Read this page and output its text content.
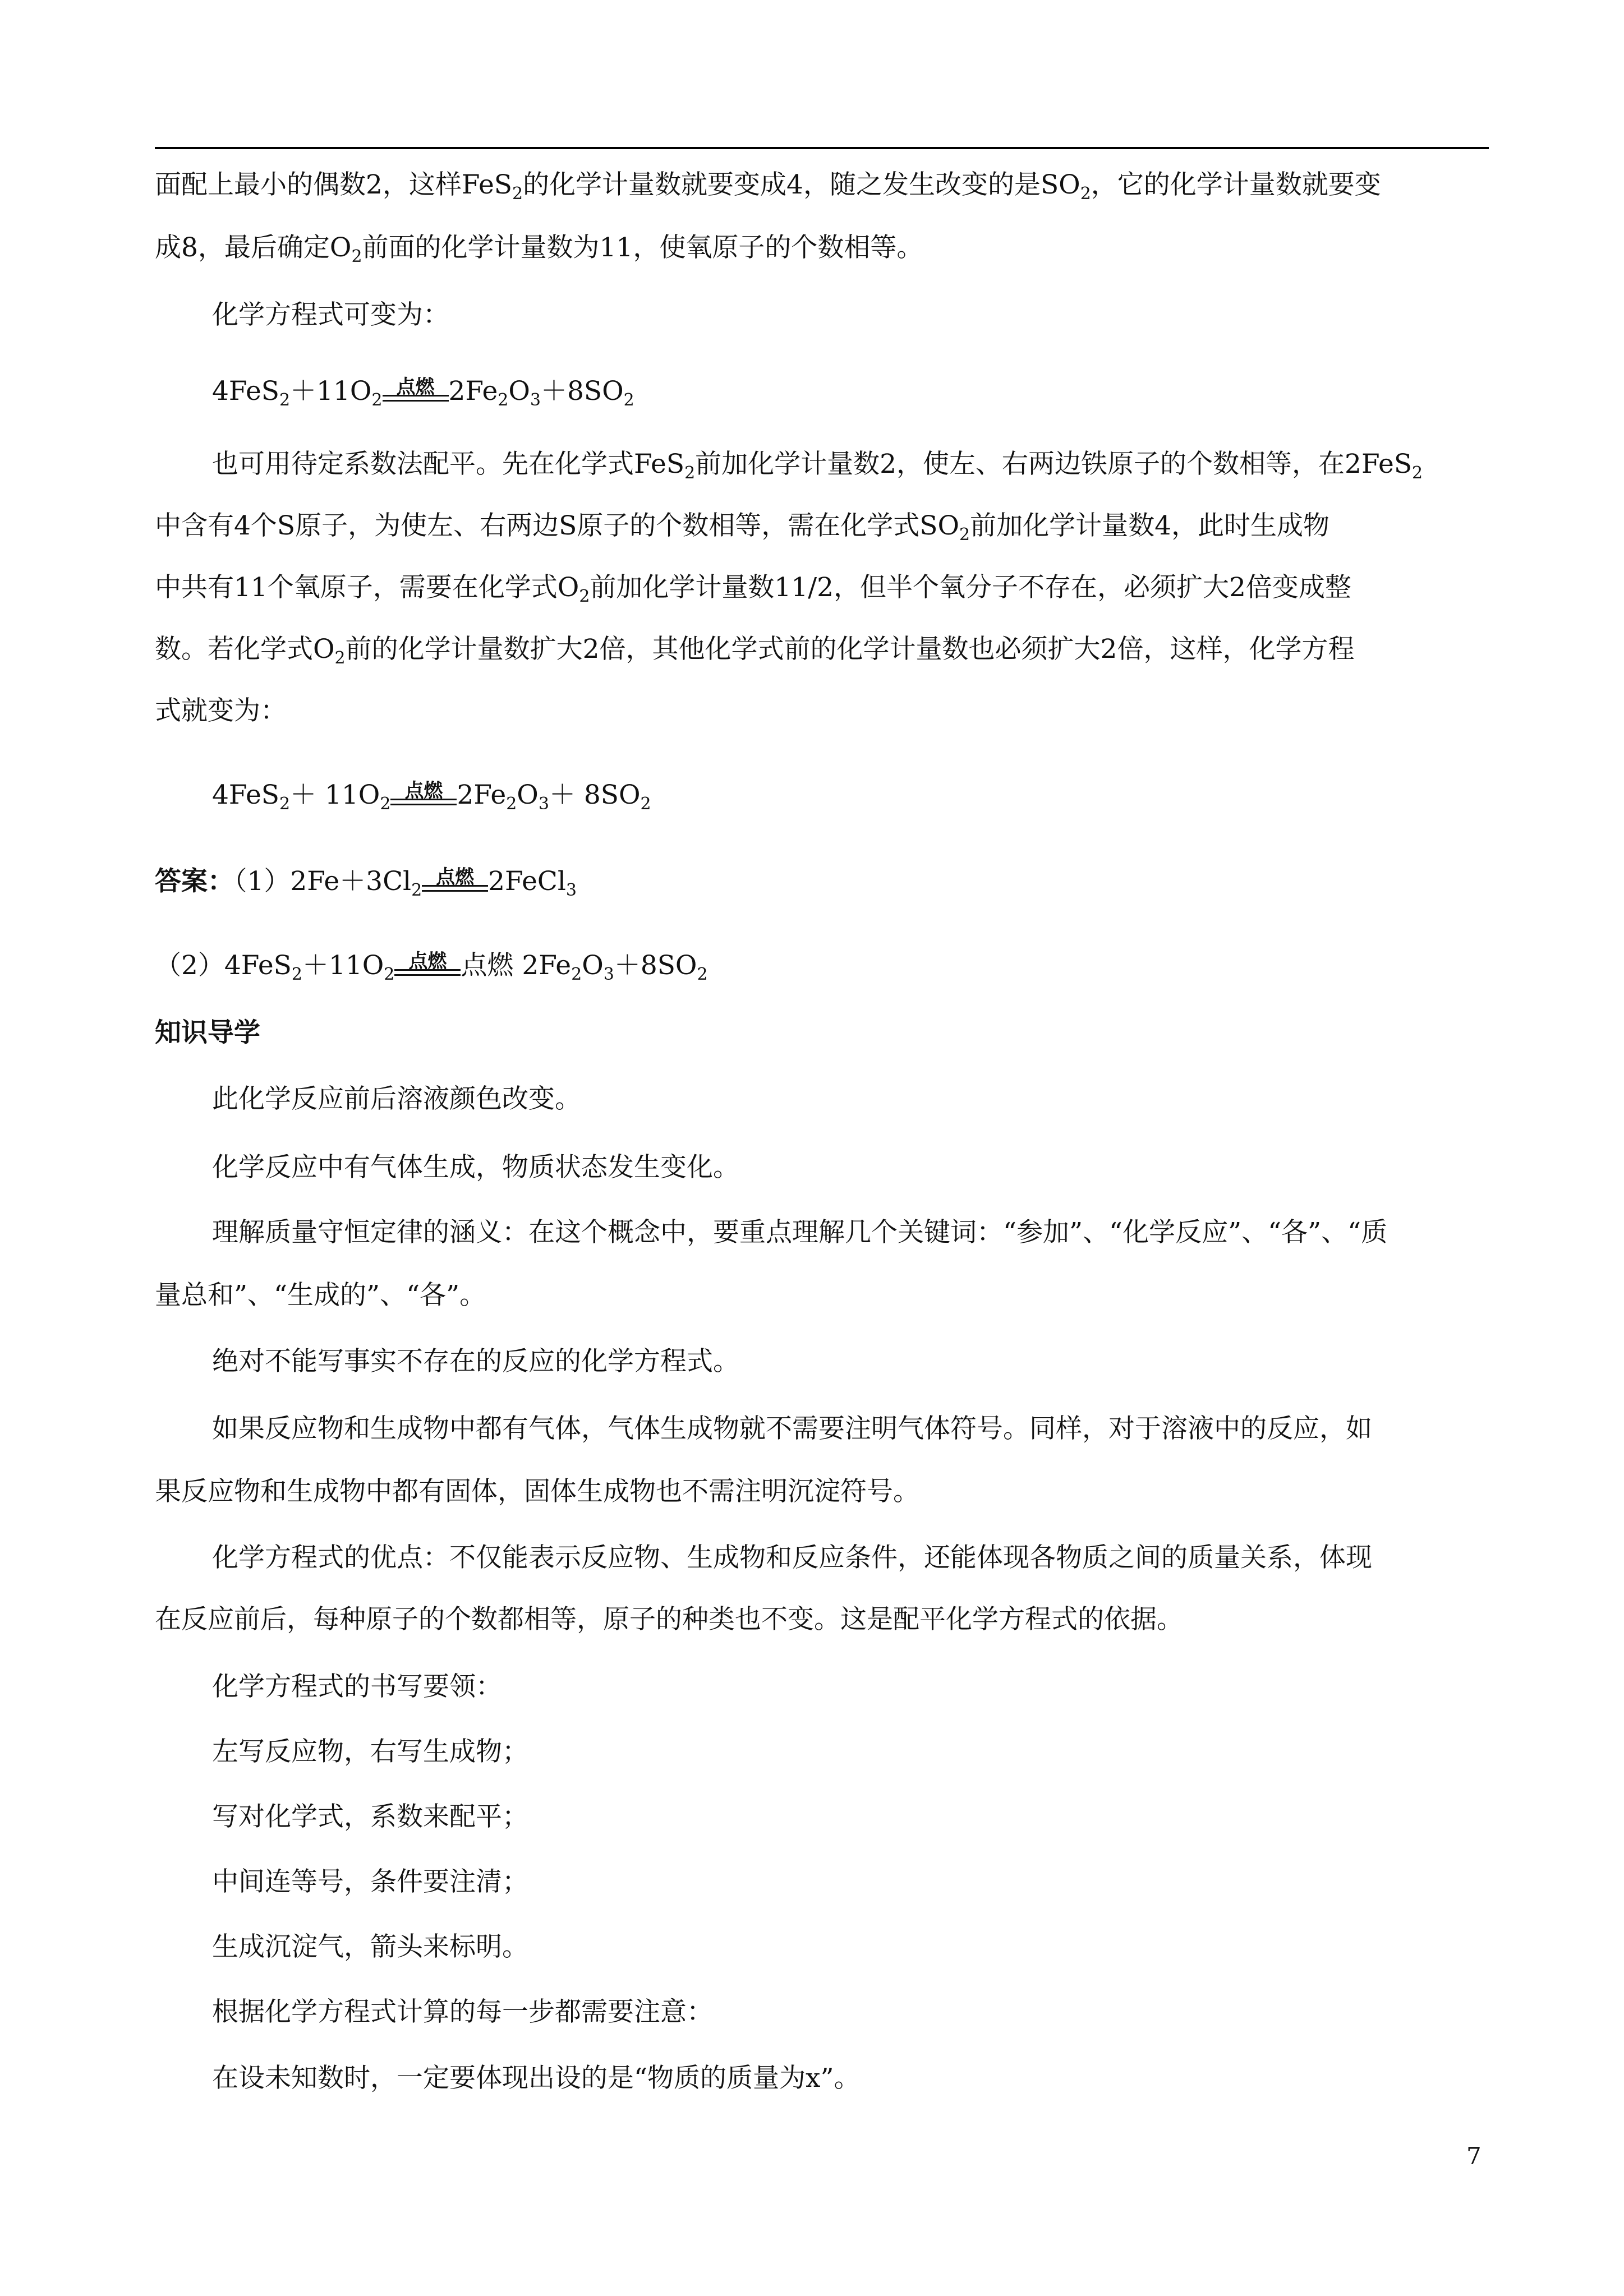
面配上最小的偶数2，这样FeS$_2$的化学计量数就要变成4，随之发生改变的是$SO_2$，它的化学计量数就要变
成8，最后确定$O_2$前面的化学计量数为11，使氧原子的个数相等。
化学方程式可变为：
$4FeS_2+11O_2$
点燃 $2Fe_2O_3+8SO_2$
也可用待定系数法配平。先在化学式FeS$_2$前加化学计量数2，使左、右两边铁原子的个数相等，在2FeS$_2$
中含有4个S原子，为使左、右两边S原子的个数相等，需在化学式$SO_2$前加化学计量数4，此时生成物
中共有11个氧原子，需要在化学式$O_2$前加化学计量数11/2，但半个氧分子不存在，必须扩大2倍变成整
数。若化学式$O_2$前的化学计量数扩大2倍，其他化学式前的化学计量数也必须扩大2倍，这样，化学方程
式就变为：
$4FeS_2+ 11O_2$
点燃 $2Fe_2O_3+ 8SO_2$
答案：$(1)2Fe+3Cl_2$
点燃 2FeCl$_3$
$(2)4FeS_2+11O_2$
点燃 点燃 $2Fe_2O_3+8SO_2$
知识导学
此化学反应前后溶液颜色改变。
化学反应中有气体生成，物质状态发生变化。
理解质量守恒定律的涵义：在这个概念中，要重点理解几个关键词：“参加”、“化学反应”、“各”、“质
量总和”、“生成的”、“各”。
绝对不能写事实不存在的反应的化学方程式。
如果反应物和生成物中都有气体，气体生成物就不需要注明气体符号。同样，对于溶液中的反应，如
果反应物和生成物中都有固体，固体生成物也不需注明沉淀符号。
化学方程式的优点：不仅能表示反应物、生成物和反应条件，还能体现各物质之间的质量关系，体现
在反应前后，每种原子的个数都相等，原子的种类也不变。这是配平化学方程式的依据。
化学方程式的书写要领：
左写反应物，右写生成物；
写对化学式，系数来配平；
中间连等号，条件要注清；
生成沉淀气，箭头来标明。
根据化学方程式计算的每一步都需要注意：
在设未知数时，一定要体现出设的是“物质的质量为x”。
7
